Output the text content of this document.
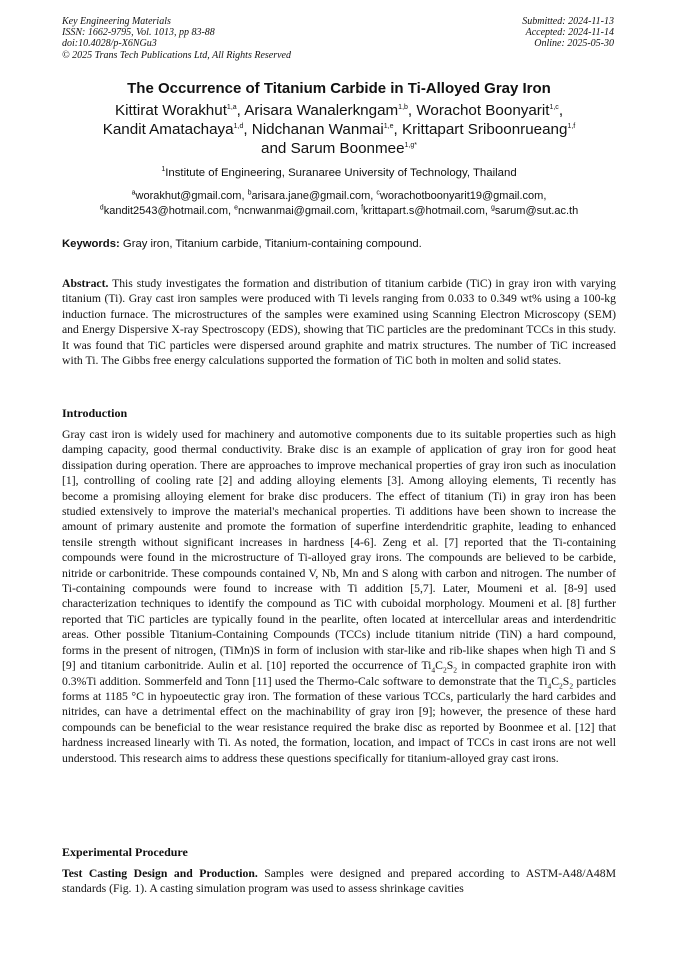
Key Engineering Materials
ISSN: 1662-9795, Vol. 1013, pp 83-88
doi:10.4028/p-X6NGu3
© 2025 Trans Tech Publications Ltd, All Rights Reserved
Submitted: 2024-11-13
Accepted: 2024-11-14
Online: 2025-05-30
The Occurrence of Titanium Carbide in Ti-Alloyed Gray Iron
Kittirat Worakhut$^{1,a}$, Arisara Wanalerkngam$^{1,b}$, Worachot Boonyarit$^{1,c}$,
Kandit Amatachaya$^{1,d}$, Nidchanan Wanmai$^{1,e}$, Krittapart Sriboonrueang$^{1,f}$
and Sarum Boonmee$^{1,g*}$
$^1$Institute of Engineering, Suranaree University of Technology, Thailand
$^a$worakhut@gmail.com, $^b$arisara.jane@gmail.com, $^c$worachotboonyarit19@gmail.com,
$^d$kandit2543@hotmail.com, $^e$ncnwanmai@gmail.com, $^f$krittapart.s@hotmail.com, $^g$sarum@sut.ac.th
Keywords: Gray iron, Titanium carbide, Titanium-containing compound.

Abstract. This study investigates the formation and distribution of titanium carbide (TiC) in gray iron with varying titanium (Ti). Gray cast iron samples were produced with Ti levels ranging from 0.033 to 0.349 wt% using a 100-kg induction furnace. The microstructures of the samples were examined using Scanning Electron Microscopy (SEM) and Energy Dispersive X-ray Spectroscopy (EDS), showing that TiC particles are the predominant TCCs in this study. It was found that TiC particles were dispersed around graphite and matrix structures. The number of TiC increased with Ti. The Gibbs free energy calculations supported the formation of TiC both in molten and solid states.

Introduction

Gray cast iron is widely used for machinery and automotive components due to its suitable properties such as high damping capacity, good thermal conductivity. Brake disc is an example of application of gray iron for good heat dissipation during operation. There are approaches to improve mechanical properties of gray iron such as inoculation [1], controlling of cooling rate [2] and adding alloying elements [3]. Among alloying elements, Ti recently has become a promising alloying element for brake disc producers. The effect of titanium (Ti) in gray iron has been studied extensively to improve the material's mechanical properties. Ti additions have been shown to increase the amount of primary austenite and promote the formation of superfine interdendritic graphite, leading to enhanced tensile strength without significant increases in hardness [4-6]. Zeng et al. [7] reported that the Ti-containing compounds were found in the microstructure of Ti-alloyed gray irons. The compounds are believed to be carbide, nitride or carbonitride. These compounds contained V, Nb, Mn and S along with carbon and nitrogen. The number of Ti-containing compounds were found to increase with Ti addition [5,7]. Later, Moumeni et al. [8-9] used characterization techniques to identify the compound as TiC with cuboidal morphology. Moumeni et al. [8] further reported that TiC particles are typically found in the pearlite, often located at intercellular areas and interdendritic areas. Other possible Titanium-Containing Compounds (TCCs) include titanium nitride (TiN) a hard compound, forms in the present of nitrogen, (TiMn)S in form of inclusion with star-like and rib-like shapes when high Ti and S [9] and titanium carbonitride. Aulin et al. [10] reported the occurrence of $Ti_4C_2S_2$ in compacted graphite iron with 0.3%Ti addition. Sommerfeld and Tonn [11] used the Thermo-Calc software to demonstrate that the $Ti_4C_2S_2$ particles forms at 1185 °C in hypoeutectic gray iron. The formation of these various TCCs, particularly the hard carbides and nitrides, can have a detrimental effect on the machinability of gray iron [9]; however, the presence of these hard compounds can be beneficial to the wear resistance required the brake disc as reported by Boonmee et al. [12] that hardness increased linearly with Ti. As noted, the formation, location, and impact of TCCs in cast irons are not well understood. This research aims to address these questions specifically for titanium-alloyed gray cast irons.

Experimental Procedure

Test Casting Design and Production. Samples were designed and prepared according to ASTM-A48/A48M standards (Fig. 1). A casting simulation program was used to assess shrinkage cavities
